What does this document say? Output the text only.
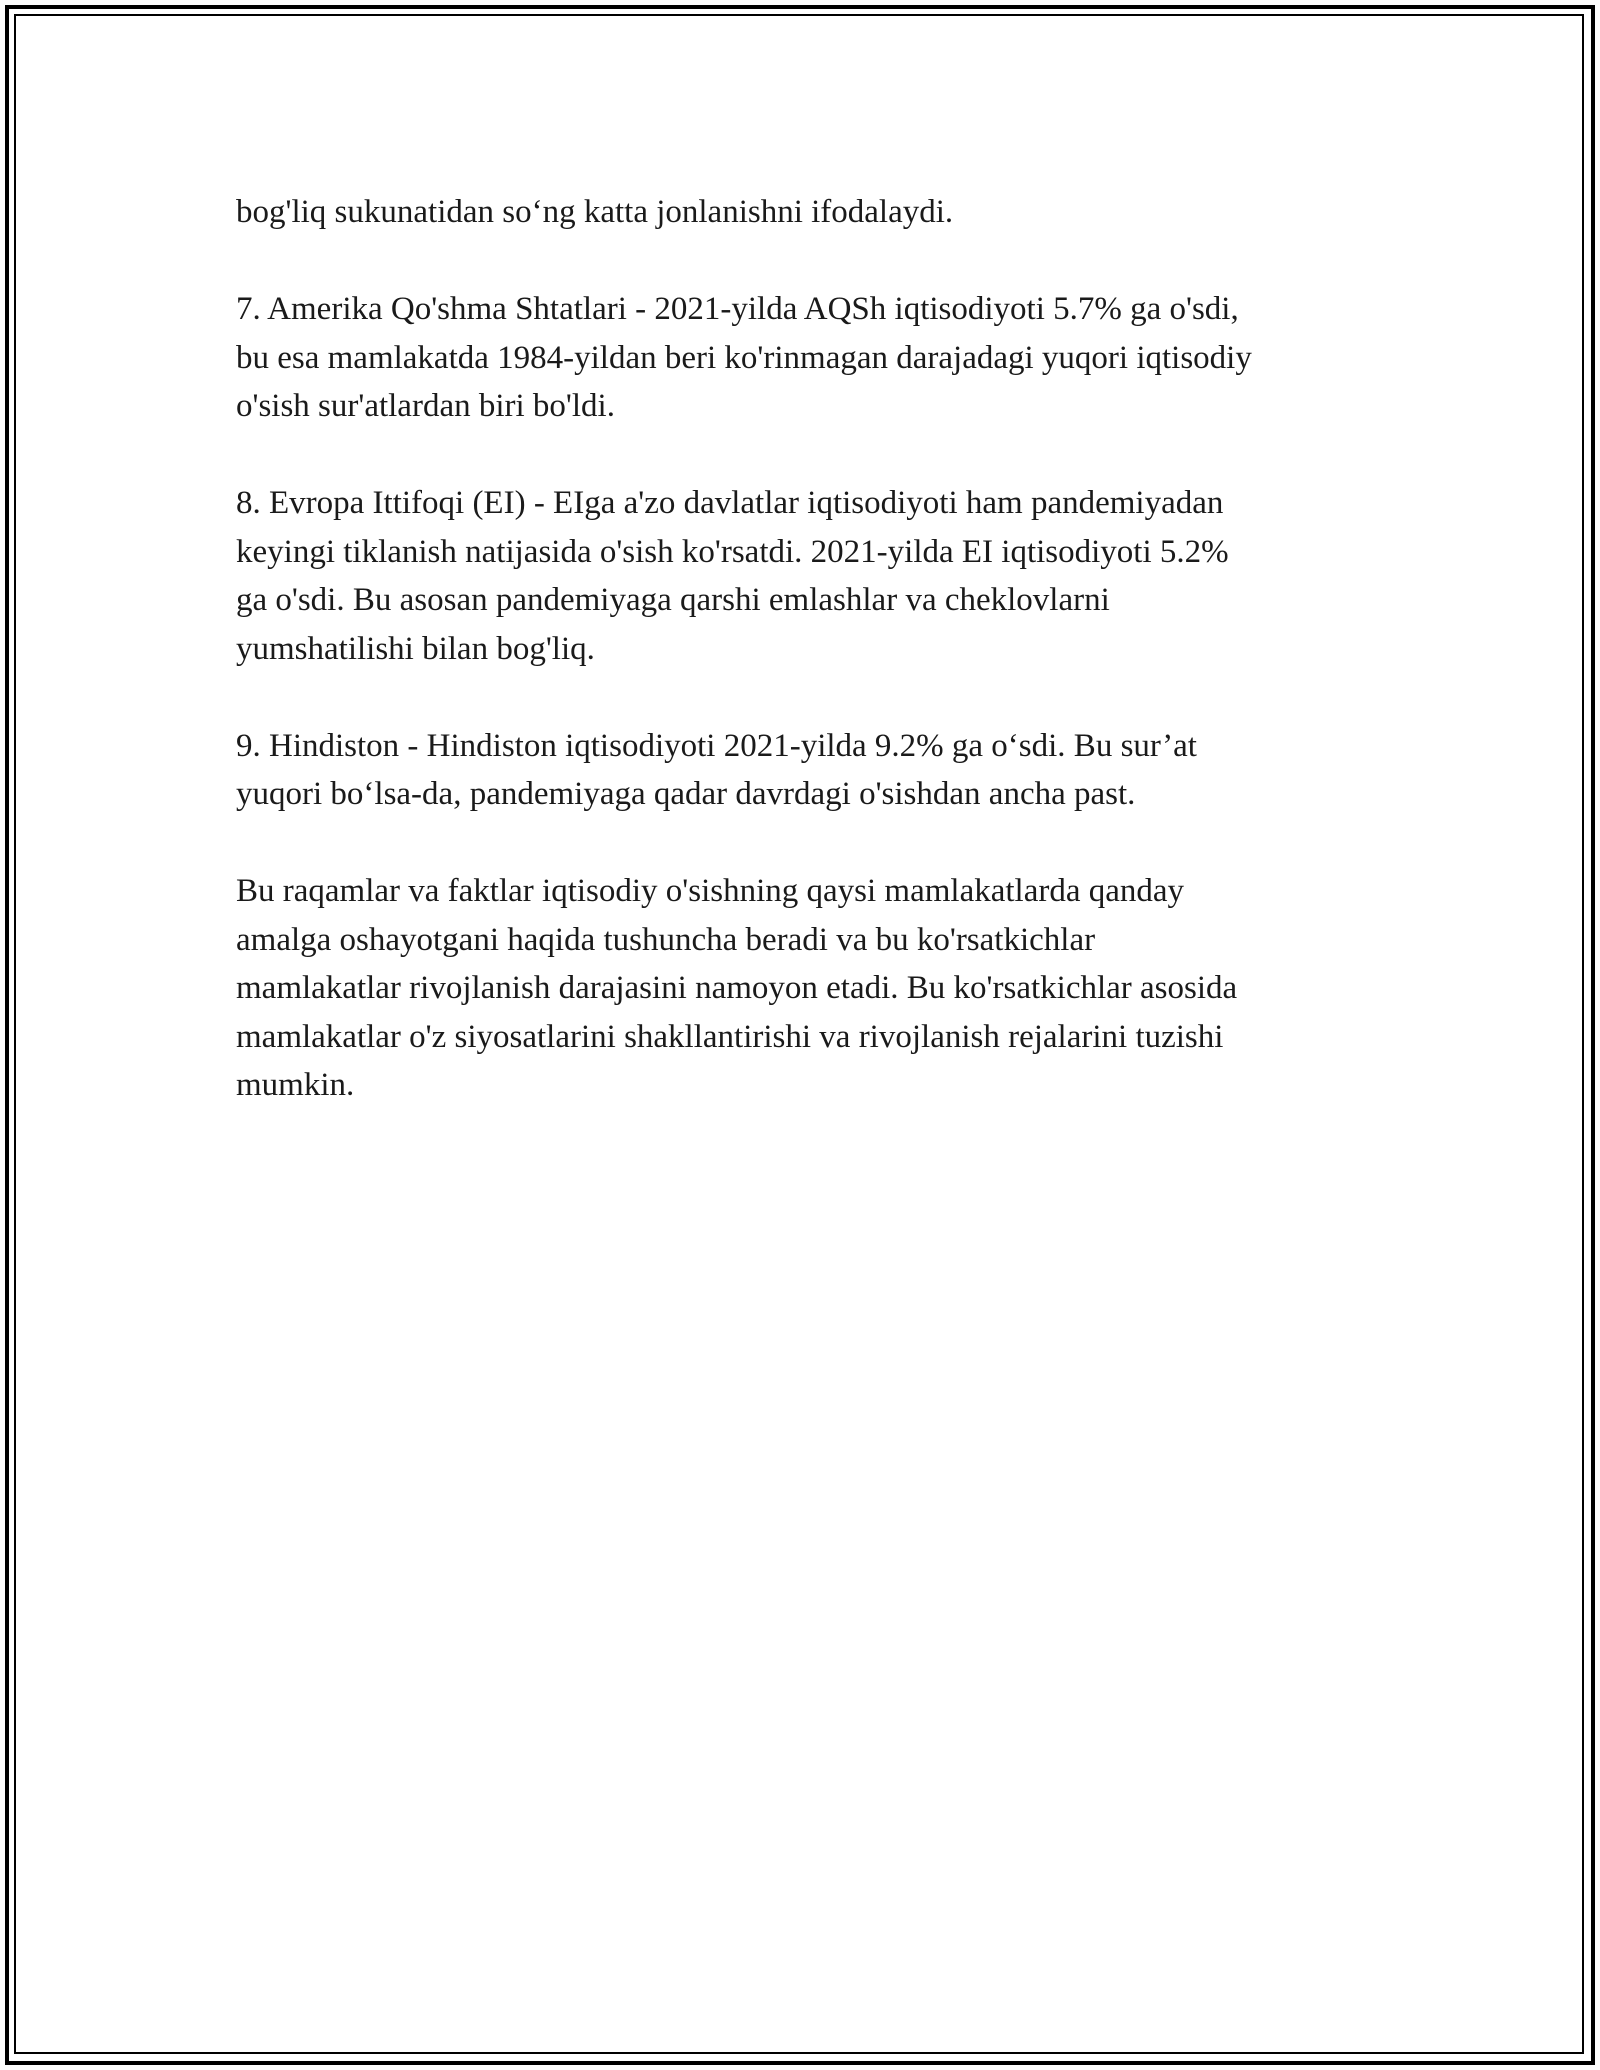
bog'liq sukunatidan so‘ng katta jonlanishni ifodalaydi.

7. Amerika Qo'shma Shtatlari - 2021-yilda AQSh iqtisodiyoti 5.7% ga o'sdi,
bu esa mamlakatda 1984-yildan beri ko'rinmagan darajadagi yuqori iqtisodiy
o'sish sur'atlardan biri bo'ldi.

8. Evropa Ittifoqi (EI) - EIga a'zo davlatlar iqtisodiyoti ham pandemiyadan
keyingi tiklanish natijasida o'sish ko'rsatdi. 2021-yilda EI iqtisodiyoti 5.2%
ga o'sdi. Bu asosan pandemiyaga qarshi emlashlar va cheklovlarni
yumshatilishi bilan bog'liq.

9. Hindiston - Hindiston iqtisodiyoti 2021-yilda 9.2% ga o‘sdi. Bu sur’at
yuqori bo‘lsa-da, pandemiyaga qadar davrdagi o'sishdan ancha past.

Bu raqamlar va faktlar iqtisodiy o'sishning qaysi mamlakatlarda qanday
amalga oshayotgani haqida tushuncha beradi va bu ko'rsatkichlar
mamlakatlar rivojlanish darajasini namoyon etadi. Bu ko'rsatkichlar asosida
mamlakatlar o'z siyosatlarini shakllantirishi va rivojlanish rejalarini tuzishi
mumkin.
